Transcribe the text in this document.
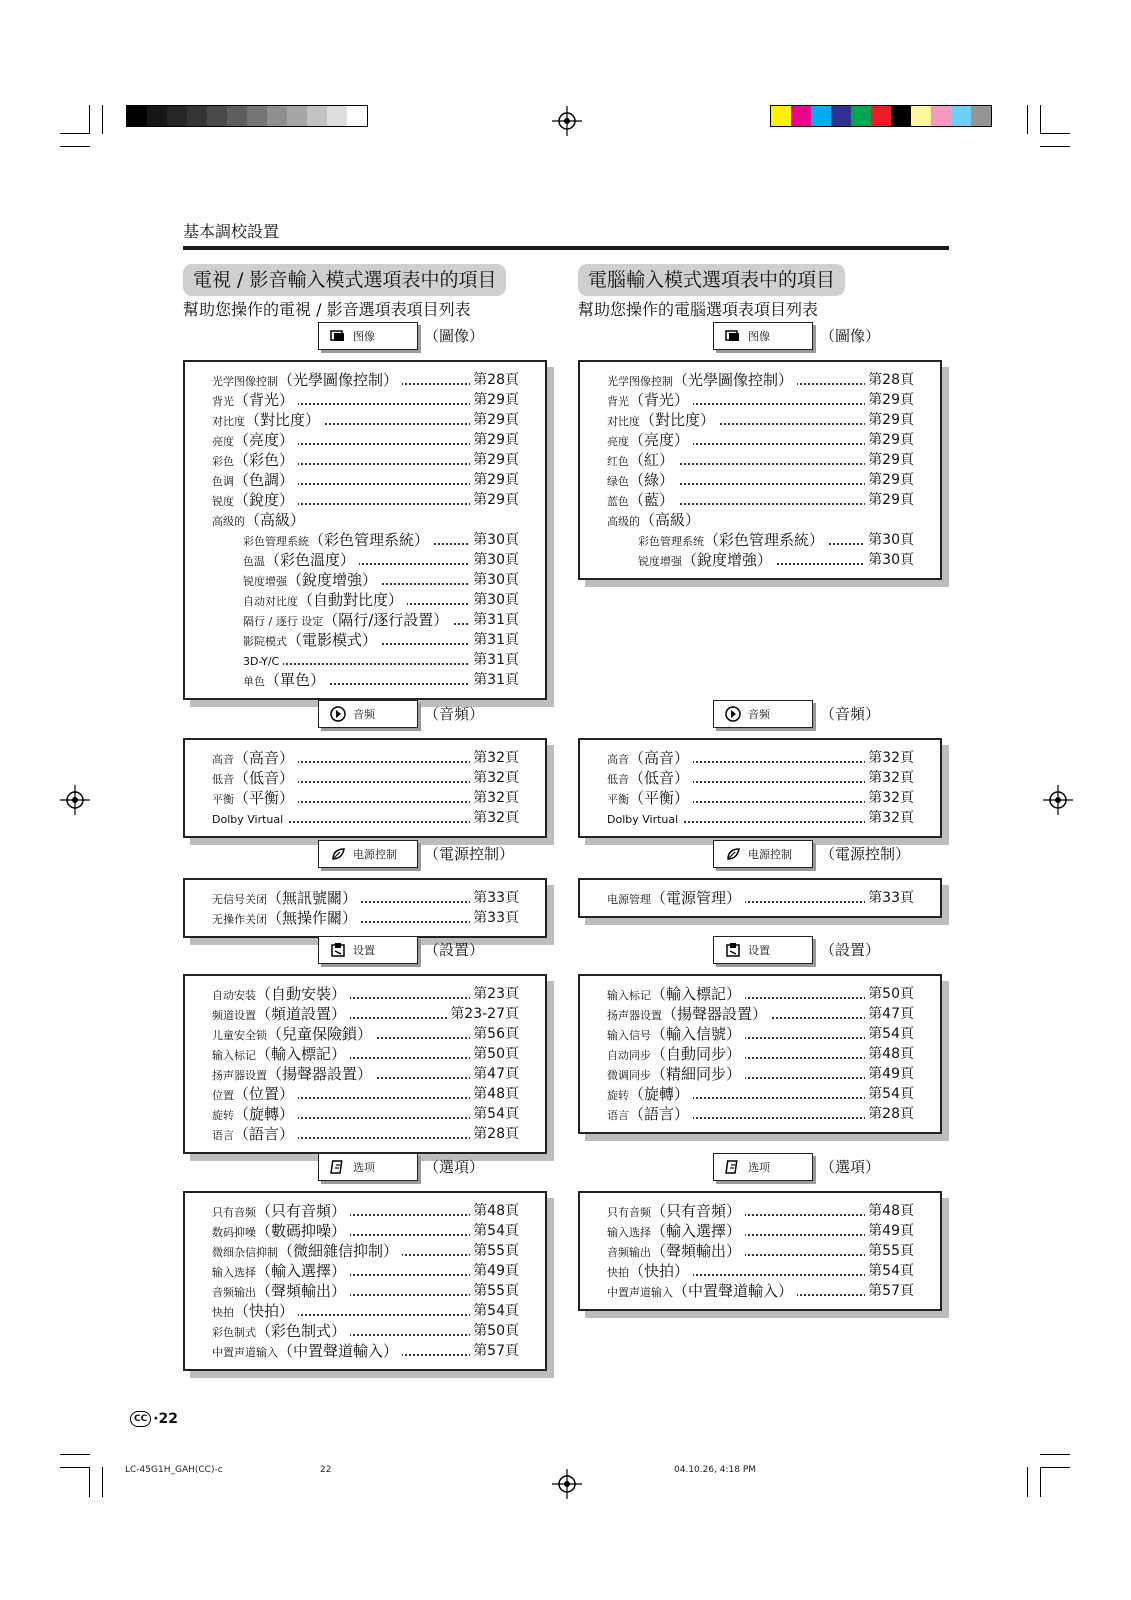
基本調校設置
電視 / 影音輸入模式選項表中的項目
幫助您操作的電視 / 影音選項表項目列表
電腦輸入模式選項表中的項目
幫助您操作的電腦選項表項目列表
图像	（圖像）
光学图像控制（光學圖像控制）	第28頁
背光（背光）	第29頁
对比度（對比度）	第29頁
亮度（亮度）	第29頁
彩色（彩色）	第29頁
色调（色調）	第29頁
锐度（銳度）	第29頁
高级的（高級）
彩色管理系統（彩色管理系統）	第30頁
色温（彩色溫度）	第30頁
锐度增强（銳度增強）	第30頁
自动对比度（自動對比度）	第30頁
隔行 / 逐行 设定（隔行/逐行設置） 第31頁
影院模式（電影模式）	第31頁
3D-Y/C	第31頁
单色（單色）	第31頁
音频	（音頻）
高音（高音）	第32頁
低音（低音）	第32頁
平衡（平衡）	第32頁
Dolby Virtual	第32頁
电源控制 （電源控制）
无信号关闭（無訊號關）	第33頁
无操作关闭（無操作關）	第33頁
设置	（設置）
自动安装（自動安裝）	第23頁
频道设置（頻道設置）	第23-27頁
儿童安全锁（兒童保險鎖）	第56頁
输入标记（輸入標記）	第50頁
扬声器设置（揚聲器設置）	第47頁
位置（位置）	第48頁
旋转（旋轉）	第54頁
语言（語言）	第28頁
选项	（選項）
只有音频（只有音頻）	第48頁
数码抑噪（數碼抑噪）	第54頁
微细杂信抑制（微細雜信抑制）	第55頁
输入选择（輸入選擇）	第49頁
音频输出（聲頻輸出）	第55頁
快拍（快拍）	第54頁
彩色制式（彩色制式）	第50頁
中置声道输入（中置聲道輸入）	第57頁
图像	（圖像）
光学图像控制（光學圖像控制）	第28頁
背光（背光）	第29頁
对比度（對比度）	第29頁
亮度（亮度）	第29頁
红色（紅）	第29頁
绿色（綠）	第29頁
蓝色（藍）	第29頁
高级的（高級）
彩色管理系统（彩色管理系統）	第30頁
锐度增强（銳度增強）	第30頁
音频	（音頻）
高音（高音）	第32頁
低音（低音）	第32頁
平衡（平衡）	第32頁
Dolby Virtual	第32頁
电源控制 （電源控制）
电源管理（電源管理）	第33頁
设置	（設置）
输入标记（輸入標記）	第50頁
扬声器设置（揚聲器設置）	第47頁
输入信号（輸入信號）	第54頁
自动同步（自動同步）	第48頁
微调同步（精細同步）	第49頁
旋转（旋轉）	第54頁
语言（語言）	第28頁
选项	（選項）
只有音频（只有音頻）	第48頁
输入选择（輸入選擇）	第49頁
音频输出（聲頻輸出）	第55頁
快拍（快拍）	第54頁
中置声道输入（中置聲道輸入）	第57頁
CC ·22
LC-45G1H_GAH(CC)-c	22	04.10.26, 4:18 PM
